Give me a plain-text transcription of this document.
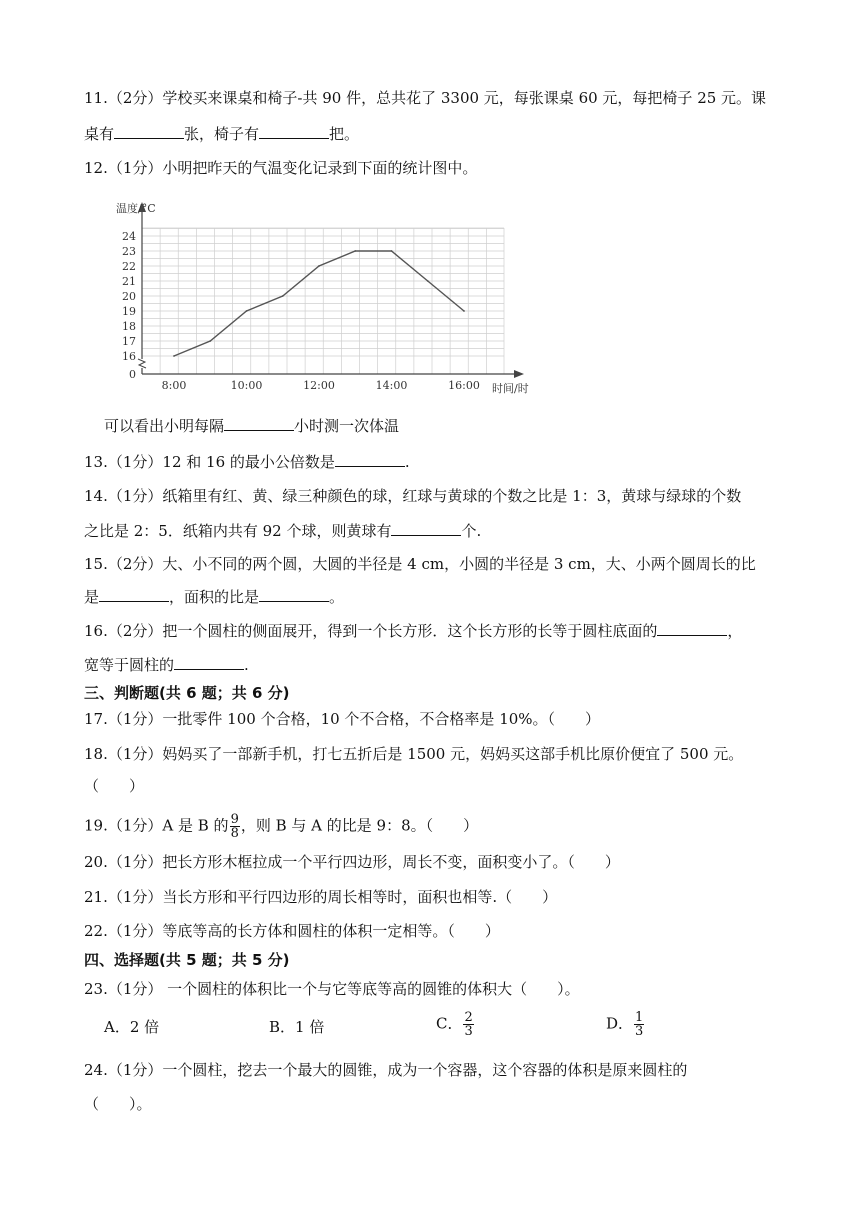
11.（2分）学校买来课桌和椅子-共 90 件，总共花了 3300 元，每张课桌 60 元，每把椅子 25 元。课
桌有	张，椅子有	把。
12.（1分）小明把昨天的气温变化记录到下面的统计图中。
温度/°C
时间/时
0
16
17
18
19
20
21
22
23
24
8:00	10:00	12:00	14:00	16:00
可以看出小明每隔	小时测一次体温
13.（1分）12 和 16 的最小公倍数是	.
14.（1分）纸箱里有红、黄、绿三种颜色的球，红球与黄球的个数之比是 1：3，黄球与绿球的个数
之比是 2：5．纸箱内共有 92 个球，则黄球有	个.
15.（2分）大、小不同的两个圆，大圆的半径是 4 cm，小圆的半径是 3 cm，大、小两个圆周长的比
是	，面积的比是	。
16.（2分）把一个圆柱的侧面展开，得到一个长方形．这个长方形的长等于圆柱底面的	，
宽等于圆柱的	.
三、判断题(共 6 题；共 6 分)
17.（1分）一批零件 100 个合格，10 个不合格，不合格率是 10%。（　　）
18.（1分）妈妈买了一部新手机，打七五折后是 1500 元，妈妈买这部手机比原价便宜了 500 元。
（　　）
19.（1分）A 是 B 的 $\frac{9}{8}$ ，则 B 与 A 的比是 9：8。（　　）
20.（1分）把长方形木框拉成一个平行四边形，周长不变，面积变小了。（　　）
21.（1分）当长方形和平行四边形的周长相等时，面积也相等.（　　）
22.（1分）等底等高的长方体和圆柱的体积一定相等。（　　）
四、选择题(共 5 题；共 5 分)
23.（1分） 一个圆柱的体积比一个与它等底等高的圆锥的体积大（　　）。
A．2 倍	B．1 倍	C． $\frac{2}{3}$	D． $\frac{1}{3}$
24.（1分）一个圆柱，挖去一个最大的圆锥，成为一个容器，这个容器的体积是原来圆柱的
（　　）。
